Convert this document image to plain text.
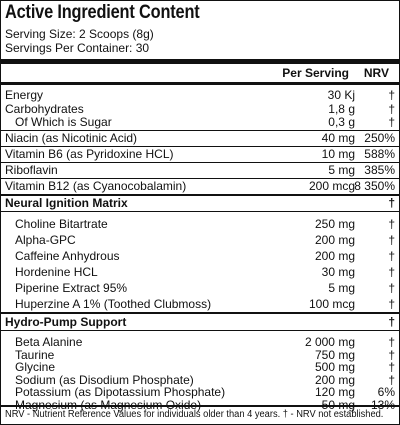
Active Ingredient Content
Serving Size: 2 Scoops (8g)
Servings Per Container: 30
Per Serving NRV
Energy	30 Kj	†
Carbohydrates	1,8 g	†
Of Which is Sugar	0,3 g	†
Niacin (as Nicotinic Acid)	40 mg 250%
Vitamin B6 (as Pyridoxine HCL)	10 mg 588%
Riboflavin	5 mg 385%
Vitamin B12 (as Cyanocobalamin)	200 mcg 8 350%
Neural Ignition Matrix	†
Choline Bitartrate	250 mg	†
Alpha-GPC	200 mg	†
Caffeine Anhydrous	200 mg	†
Hordenine HCL	30 mg	†
Piperine Extract 95%	5 mg	†
Huperzine A 1% (Toothed Clubmoss)	100 mcg	†
Hydro-Pump Support	†
Beta Alanine	2 000 mg	†
Taurine	750 mg	†
Glycine	500 mg	†
Sodium (as Disodium Phosphate)	200 mg	†
Potassium (as Dipotassium Phosphate)	120 mg 6%
NRV - Nutrient Reference Values for individuals older than 4 years. † - NRV not established.
Magnesium (as Magnesium Oxide)	50 mg 13%
